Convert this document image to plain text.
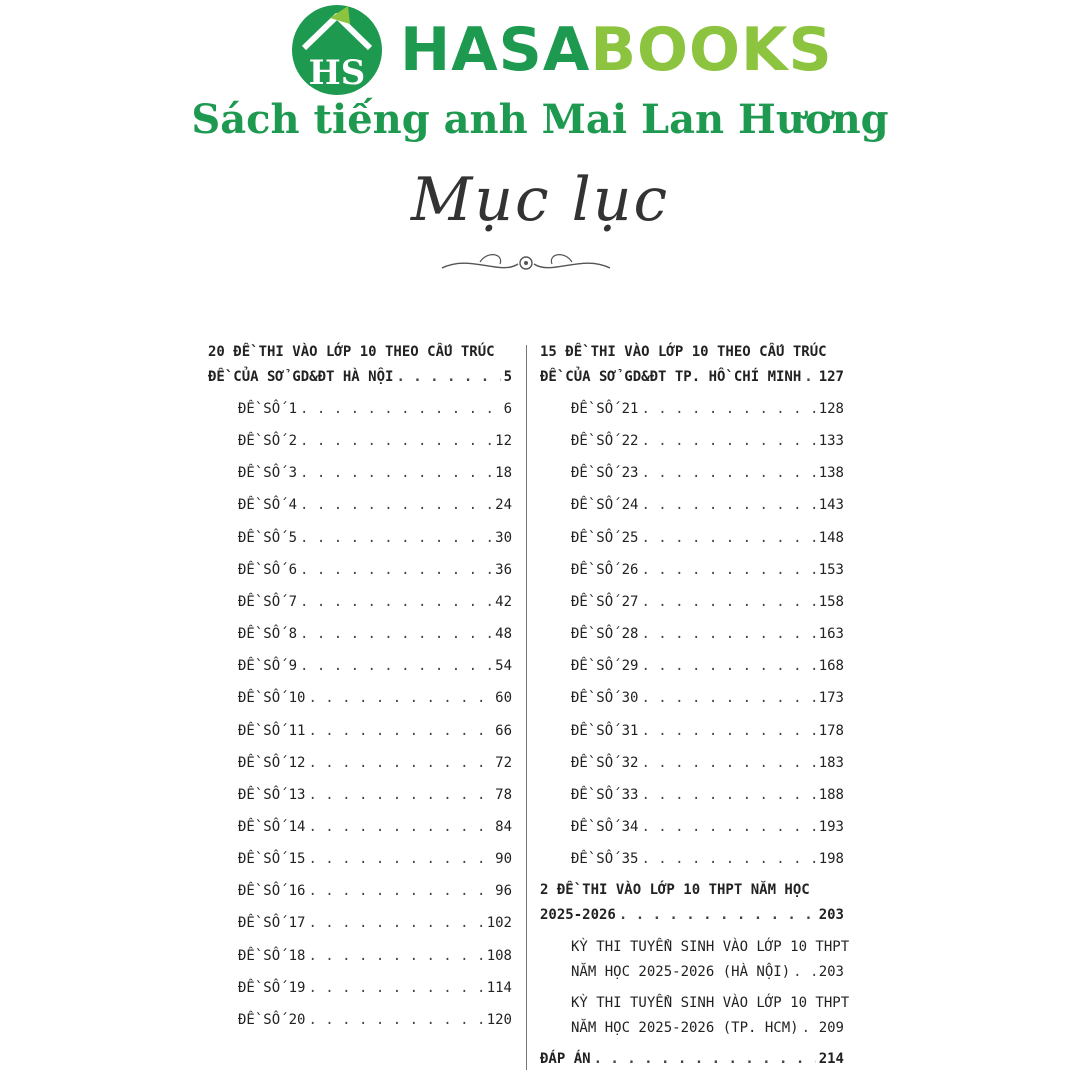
HS HASABOOKS
Sách tiếng anh Mai Lan Hương
Mục lục
20 ĐỀ THI VÀO LỚP 10 THEO CẤU TRÚC
ĐỀ CỦA SỞ GD&ĐT HÀ NỘI . . .	5
ĐỀ SỐ 1 . . .	6
ĐỀ SỐ 2 . . .	12
ĐỀ SỐ 3 . . .	18
ĐỀ SỐ 4 . . .	24
ĐỀ SỐ 5 . . .	30
ĐỀ SỐ 6 . . .	36
ĐỀ SỐ 7 . . .	42
ĐỀ SỐ 8 . . .	48
ĐỀ SỐ 9 . . .	54
ĐỀ SỐ 10 . . .	60
ĐỀ SỐ 11 . . .	66
ĐỀ SỐ 12 . . .	72
ĐỀ SỐ 13 . . .	78
ĐỀ SỐ 14 . . .	84
ĐỀ SỐ 15 . . .	90
ĐỀ SỐ 16 . . .	96
ĐỀ SỐ 17 . . .	102
ĐỀ SỐ 18 . . .	108
ĐỀ SỐ 19 . . .	114
ĐỀ SỐ 20 . . .	120
15 ĐỀ THI VÀO LỚP 10 THEO CẤU TRÚC
ĐỀ CỦA SỞ GD&ĐT TP. HỒ CHÍ MINH . . . 127
ĐỀ SỐ 21 . . .	128
ĐỀ SỐ 22 . . .	133
ĐỀ SỐ 23 . . .	138
ĐỀ SỐ 24 . . .	143
ĐỀ SỐ 25 . . .	148
ĐỀ SỐ 26 . . .	153
ĐỀ SỐ 27 . . .	158
ĐỀ SỐ 28 . . .	163
ĐỀ SỐ 29 . . .	168
ĐỀ SỐ 30 . . .	173
ĐỀ SỐ 31 . . .	178
ĐỀ SỐ 32 . . .	183
ĐỀ SỐ 33 . . .	188
ĐỀ SỐ 34 . . .	193
ĐỀ SỐ 35 . . .	198
2 ĐỀ THI VÀO LỚP 10 THPT NĂM HỌC
2025-2026 . . .	203
KỲ THI TUYỂN SINH VÀO LỚP 10 THPT
NĂM HỌC 2025-2026 (HÀ NỘI) . . . 203
KỲ THI TUYỂN SINH VÀO LỚP 10 THPT
NĂM HỌC 2025-2026 (TP. HCM) . . . 209
ĐÁP ÁN . . .	214
